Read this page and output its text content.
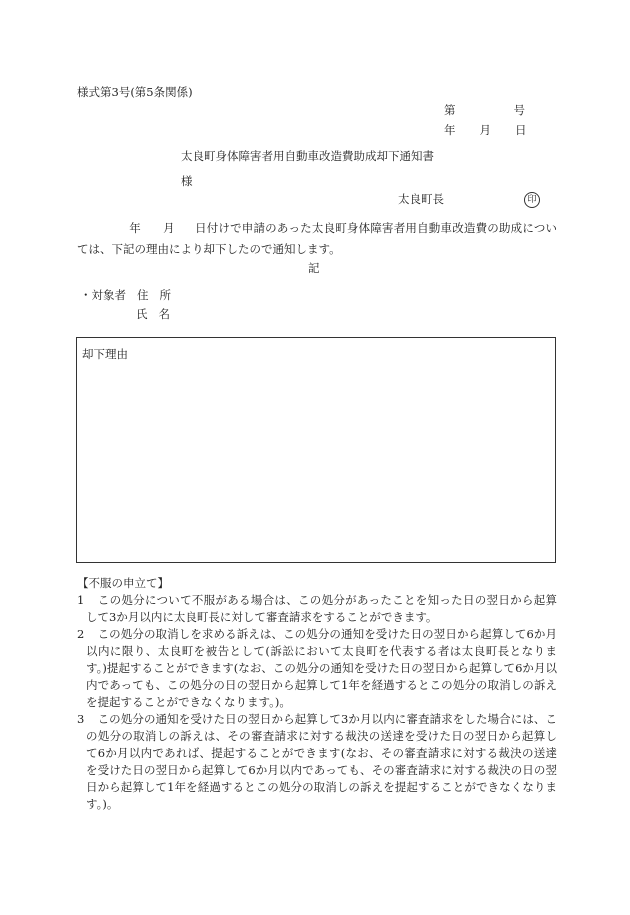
様式第3号(第5条関係)
第	号
年 月 日
太良町身体障害者用自動車改造費助成却下通知書
様
太良町長	印
年 月 日付けで申請のあった太良町身体障害者用自動車改造費の助成については、下記の理由により却下したので通知します。
記
・対象者 住 所
氏 名
却下理由
【不服の申立て】
1 　この処分について不服がある場合は、この処分があったことを知った日の翌日から起算して3か月以内に太良町長に対して審査請求をすることができます。
2 　この処分の取消しを求める訴えは、この処分の通知を受けた日の翌日から起算して6か月以内に限り、太良町を被告として(訴訟において太良町を代表する者は太良町長となります。)提起することができます(なお、この処分の通知を受けた日の翌日から起算して6か月以内であっても、この処分の日の翌日から起算して1年を経過するとこの処分の取消しの訴えを提起することができなくなります。)。
3 　この処分の通知を受けた日の翌日から起算して3か月以内に審査請求をした場合には、この処分の取消しの訴えは、その審査請求に対する裁決の送達を受けた日の翌日から起算して6か月以内であれば、提起することができます(なお、その審査請求に対する裁決の送達を受けた日の翌日から起算して6か月以内であっても、その審査請求に対する裁決の日の翌日から起算して1年を経過するとこの処分の取消しの訴えを提起することができなくなります。)。
